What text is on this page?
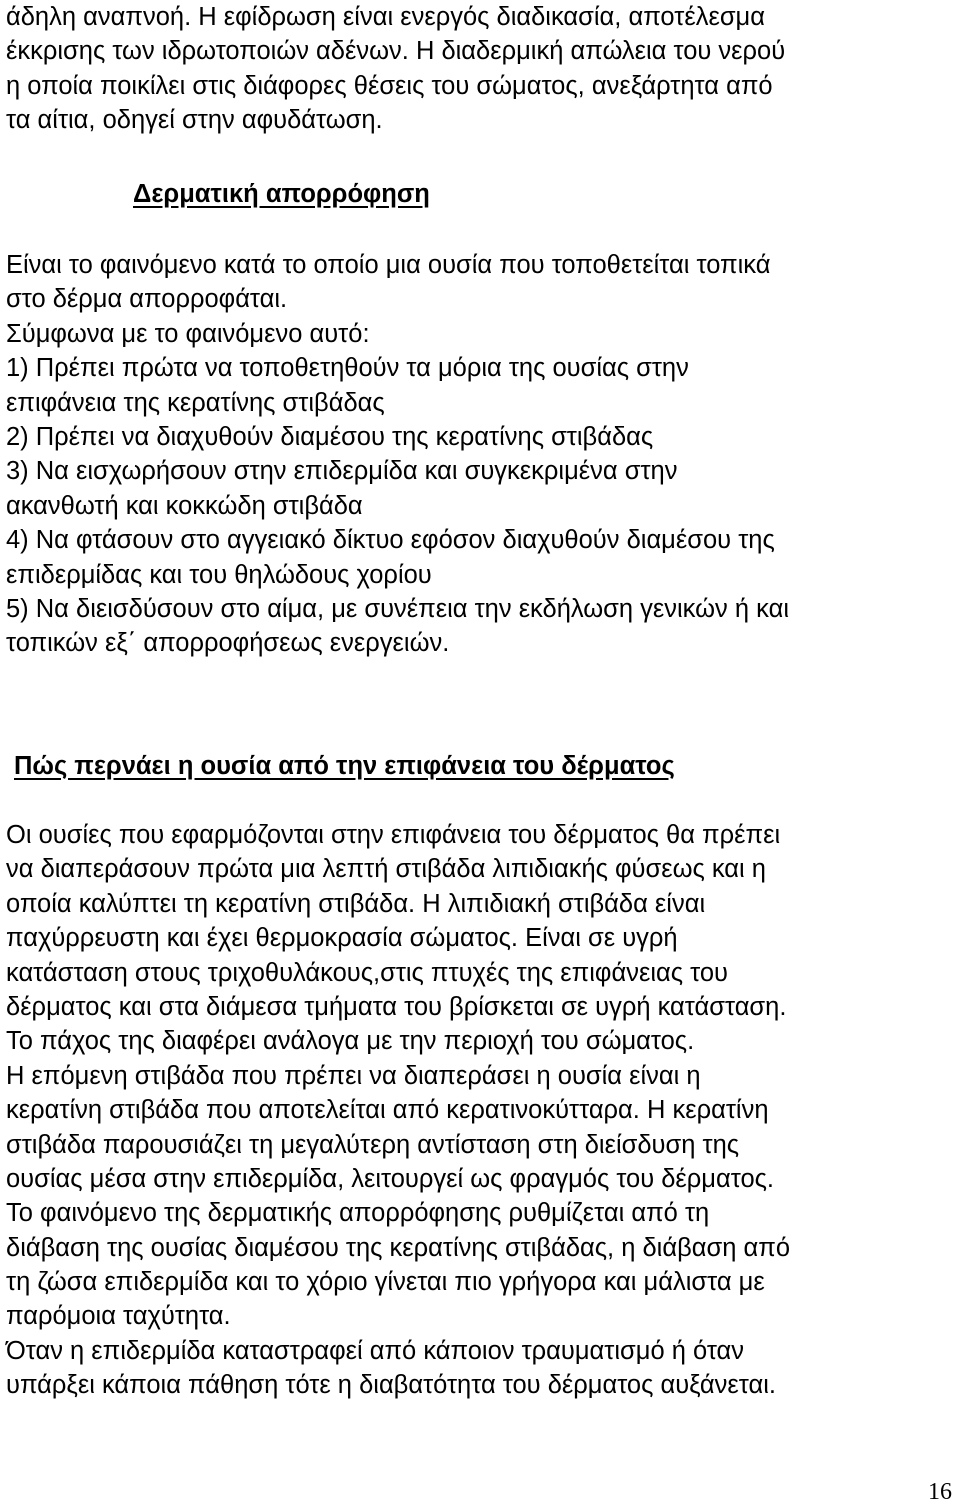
άδηλη αναπνοή. Η εφίδρωση είναι ενεργός διαδικασία, αποτέλεσμα
έκκρισης των ιδρωτοποιών αδένων. Η διαδερμική απώλεια του νερού
η οποία ποικίλει στις διάφορες θέσεις του σώματος, ανεξάρτητα από
τα αίτια, οδηγεί στην αφυδάτωση.
Δερματική απορρόφηση
Είναι το φαινόμενο κατά το οποίο μια ουσία που τοποθετείται τοπικά
στο δέρμα απορροφάται.
Σύμφωνα με το φαινόμενο αυτό:
1) Πρέπει πρώτα να τοποθετηθούν τα μόρια της ουσίας στην
επιφάνεια της κερατίνης στιβάδας
2) Πρέπει να διαχυθούν διαμέσου της κερατίνης στιβάδας
3) Να εισχωρήσουν στην επιδερμίδα και συγκεκριμένα στην
ακανθωτή και κοκκώδη στιβάδα
4) Να φτάσουν στο αγγειακό δίκτυο εφόσον διαχυθούν διαμέσου της
επιδερμίδας και του θηλώδους χορίου
5) Να διεισδύσουν στο αίμα, με συνέπεια την εκδήλωση γενικών ή και
τοπικών εξ΄ απορροφήσεως ενεργειών.
Πώς περνάει η ουσία από την επιφάνεια του δέρματος
Οι ουσίες που εφαρμόζονται στην επιφάνεια του δέρματος θα πρέπει
να διαπεράσουν πρώτα μια λεπτή στιβάδα λιπιδιακής φύσεως και η
οποία καλύπτει τη κερατίνη στιβάδα. Η λιπιδιακή στιβάδα είναι
παχύρρευστη και έχει θερμοκρασία σώματος. Είναι σε υγρή
κατάσταση στους τριχοθυλάκους,στις πτυχές της επιφάνειας του
δέρματος και στα διάμεσα τμήματα του βρίσκεται σε υγρή κατάσταση.
Το πάχος της διαφέρει ανάλογα με την περιοχή του σώματος.
Η επόμενη στιβάδα που πρέπει να διαπεράσει η ουσία είναι η
κερατίνη στιβάδα που αποτελείται από κερατινοκύτταρα. Η κερατίνη
στιβάδα παρουσιάζει τη μεγαλύτερη αντίσταση στη διείσδυση της
ουσίας μέσα στην επιδερμίδα, λειτουργεί ως φραγμός του δέρματος.
Το φαινόμενο της δερματικής απορρόφησης ρυθμίζεται από τη
διάβαση της ουσίας διαμέσου της κερατίνης στιβάδας, η διάβαση από
τη ζώσα επιδερμίδα και το χόριο γίνεται πιο γρήγορα και μάλιστα με
παρόμοια ταχύτητα.
Όταν η επιδερμίδα καταστραφεί από κάποιον τραυματισμό ή όταν
υπάρξει κάποια πάθηση τότε η διαβατότητα του δέρματος αυξάνεται.
16
